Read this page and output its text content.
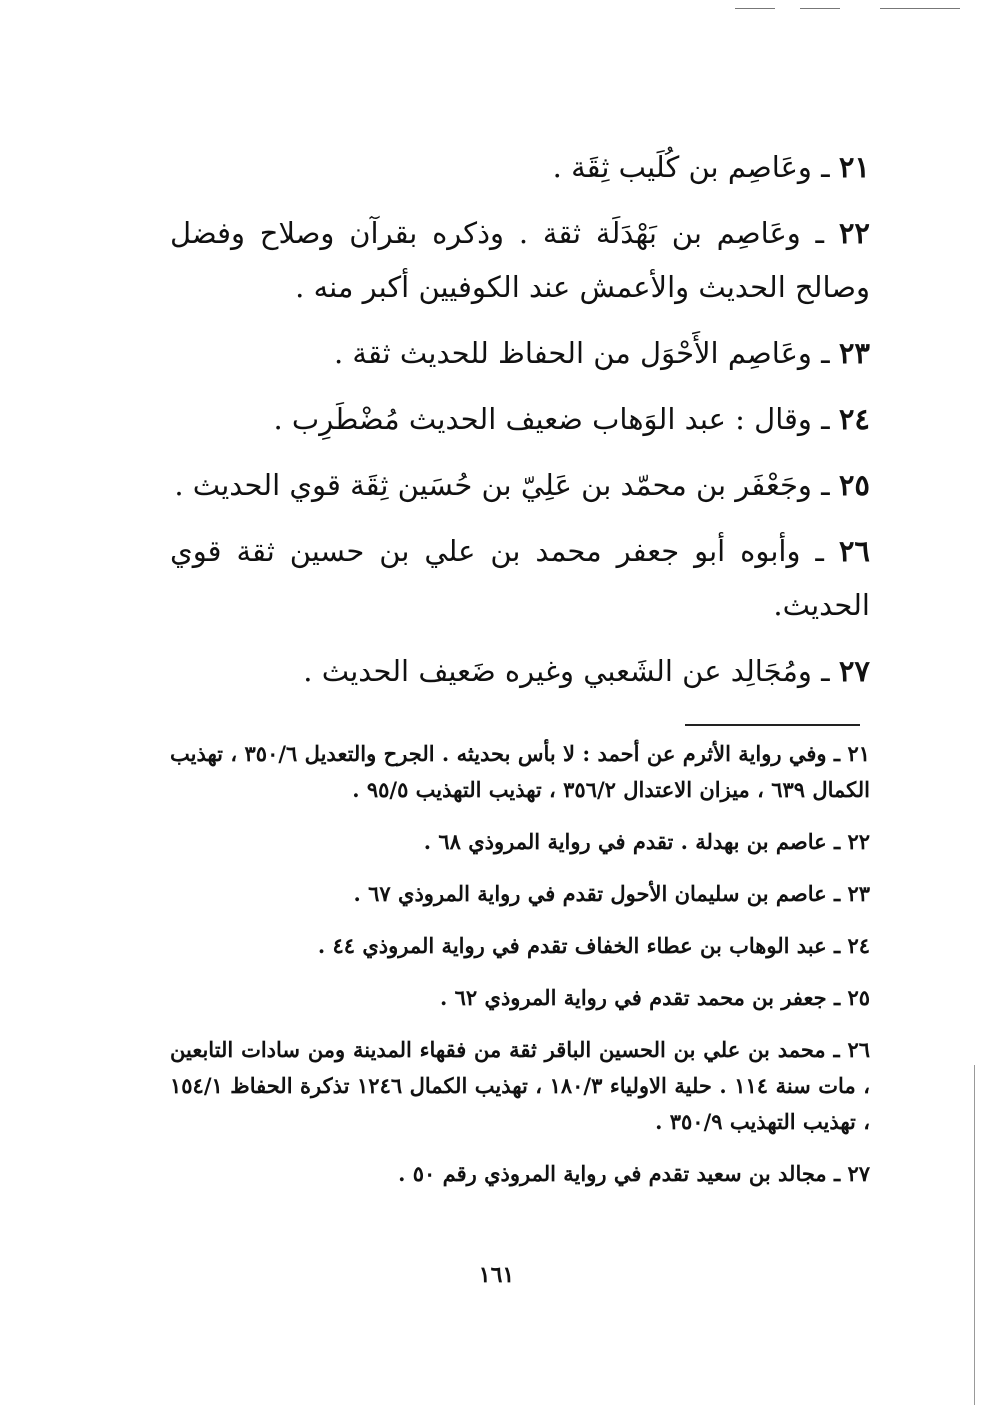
٢١ ـ وعَاصِم بن كُلَيب ثِقَة .
٢٢ ـ وعَاصِم بن بَهْدَلَة ثقة . وذكره بقرآن وصلاح وفضل وصالح الحديث والأعمش عند الكوفيين أكبر منه .
٢٣ ـ وعَاصِم الأَحْوَل من الحفاظ للحديث ثقة .
٢٤ ـ وقال : عبد الوَهاب ضعيف الحديث مُضْطَرِب .
٢٥ ـ وجَعْفَر بن محمّد بن عَلِيّ بن حُسَين ثِقَة قوي الحديث .
٢٦ ـ وأبوه أبو جعفر محمد بن علي بن حسين ثقة قوي الحديث.
٢٧ ـ ومُجَالِد عن الشَعبي وغيره ضَعيف الحديث .
٢١ ـ وفي رواية الأثرم عن أحمد : لا بأس بحديثه . الجرح والتعديل ٣٥٠/٦ ، تهذيب الكمال ٦٣٩ ، ميزان الاعتدال ٣٥٦/٢ ، تهذيب التهذيب ٩٥/٥ .
٢٢ ـ عاصم بن بهدلة . تقدم في رواية المروذي ٦٨ .
٢٣ ـ عاصم بن سليمان الأحول تقدم في رواية المروذي ٦٧ .
٢٤ ـ عبد الوهاب بن عطاء الخفاف تقدم في رواية المروذي ٤٤ .
٢٥ ـ جعفر بن محمد تقدم في رواية المروذي ٦٢ .
٢٦ ـ محمد بن علي بن الحسين الباقر ثقة من فقهاء المدينة ومن سادات التابعين ، مات سنة ١١٤ . حلية الاولياء ١٨٠/٣ ، تهذيب الكمال ١٢٤٦ تذكرة الحفاظ ١٥٤/١ ، تهذيب التهذيب ٣٥٠/٩ .
٢٧ ـ مجالد بن سعيد تقدم في رواية المروذي رقم ٥٠ .
١٦١
